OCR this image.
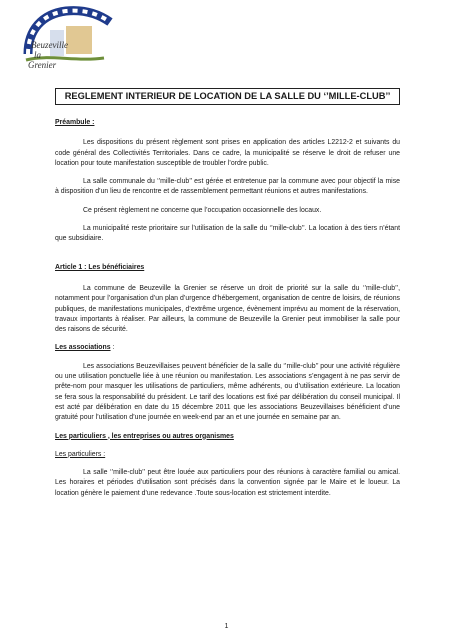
Beuzeville
la
Grenier
REGLEMENT INTERIEUR DE LOCATION DE LA SALLE DU ‘’MILLE-CLUB’’

Préambule :

Les dispositions du présent règlement sont prises en application des articles L2212-2 et suivants du code général des Collectivités Territoriales. Dans ce cadre, la municipalité se réserve le droit de refuser une location pour toute manifestation susceptible de troubler l’ordre public.

La salle communale du ‘’mille-club’’ est gérée et entretenue par la commune avec pour objectif la mise à disposition d’un lieu de rencontre et de rassemblement permettant réunions et autres manifestations.

Ce présent règlement ne concerne que l’occupation occasionnelle des locaux.

La municipalité reste prioritaire sur l’utilisation de la salle du ‘’mille-club’’. La location à des tiers n’étant que subsidiaire.

Article 1 : Les bénéficiaires

La commune de Beuzeville la Grenier se réserve un droit de priorité sur la salle du ‘’mille-club’’, notamment pour l’organisation d’un plan d’urgence d’hébergement, organisation de centre de loisirs, de réunions publiques, de manifestations municipales, d’extrême urgence, évènement imprévu au moment de la réservation, travaux importants à réaliser. Par ailleurs, la commune de Beuzeville la Grenier peut immobiliser la salle pour des raisons de sécurité.

Les associations :

Les associations Beuzevillaises peuvent bénéficier de la salle du ‘’mille-club’’ pour une activité régulière ou une utilisation ponctuelle liée à une réunion ou manifestation. Les associations s’engagent à ne pas servir de prête-nom pour masquer les utilisations de particuliers, même adhérents, ou d’utilisation extérieure. La location se fera sous la responsabilité du président. Le tarif des locations est fixé par délibération du conseil municipal. Il est acté par délibération en date du 15 décembre 2011 que les associations Beuzevillaises bénéficient d’une gratuité pour l’utilisation d’une journée en week-end par an et une journée en semaine par an.

Les particuliers , les entreprises ou autres organismes

Les particuliers :

La salle ‘’mille-club’’ peut être louée aux particuliers pour des réunions à caractère familial ou amical. Les horaires et périodes d’utilisation sont précisés dans la convention signée par le Maire et le loueur. La location génère le paiement d’une redevance .Toute sous-location est strictement interdite.

1
